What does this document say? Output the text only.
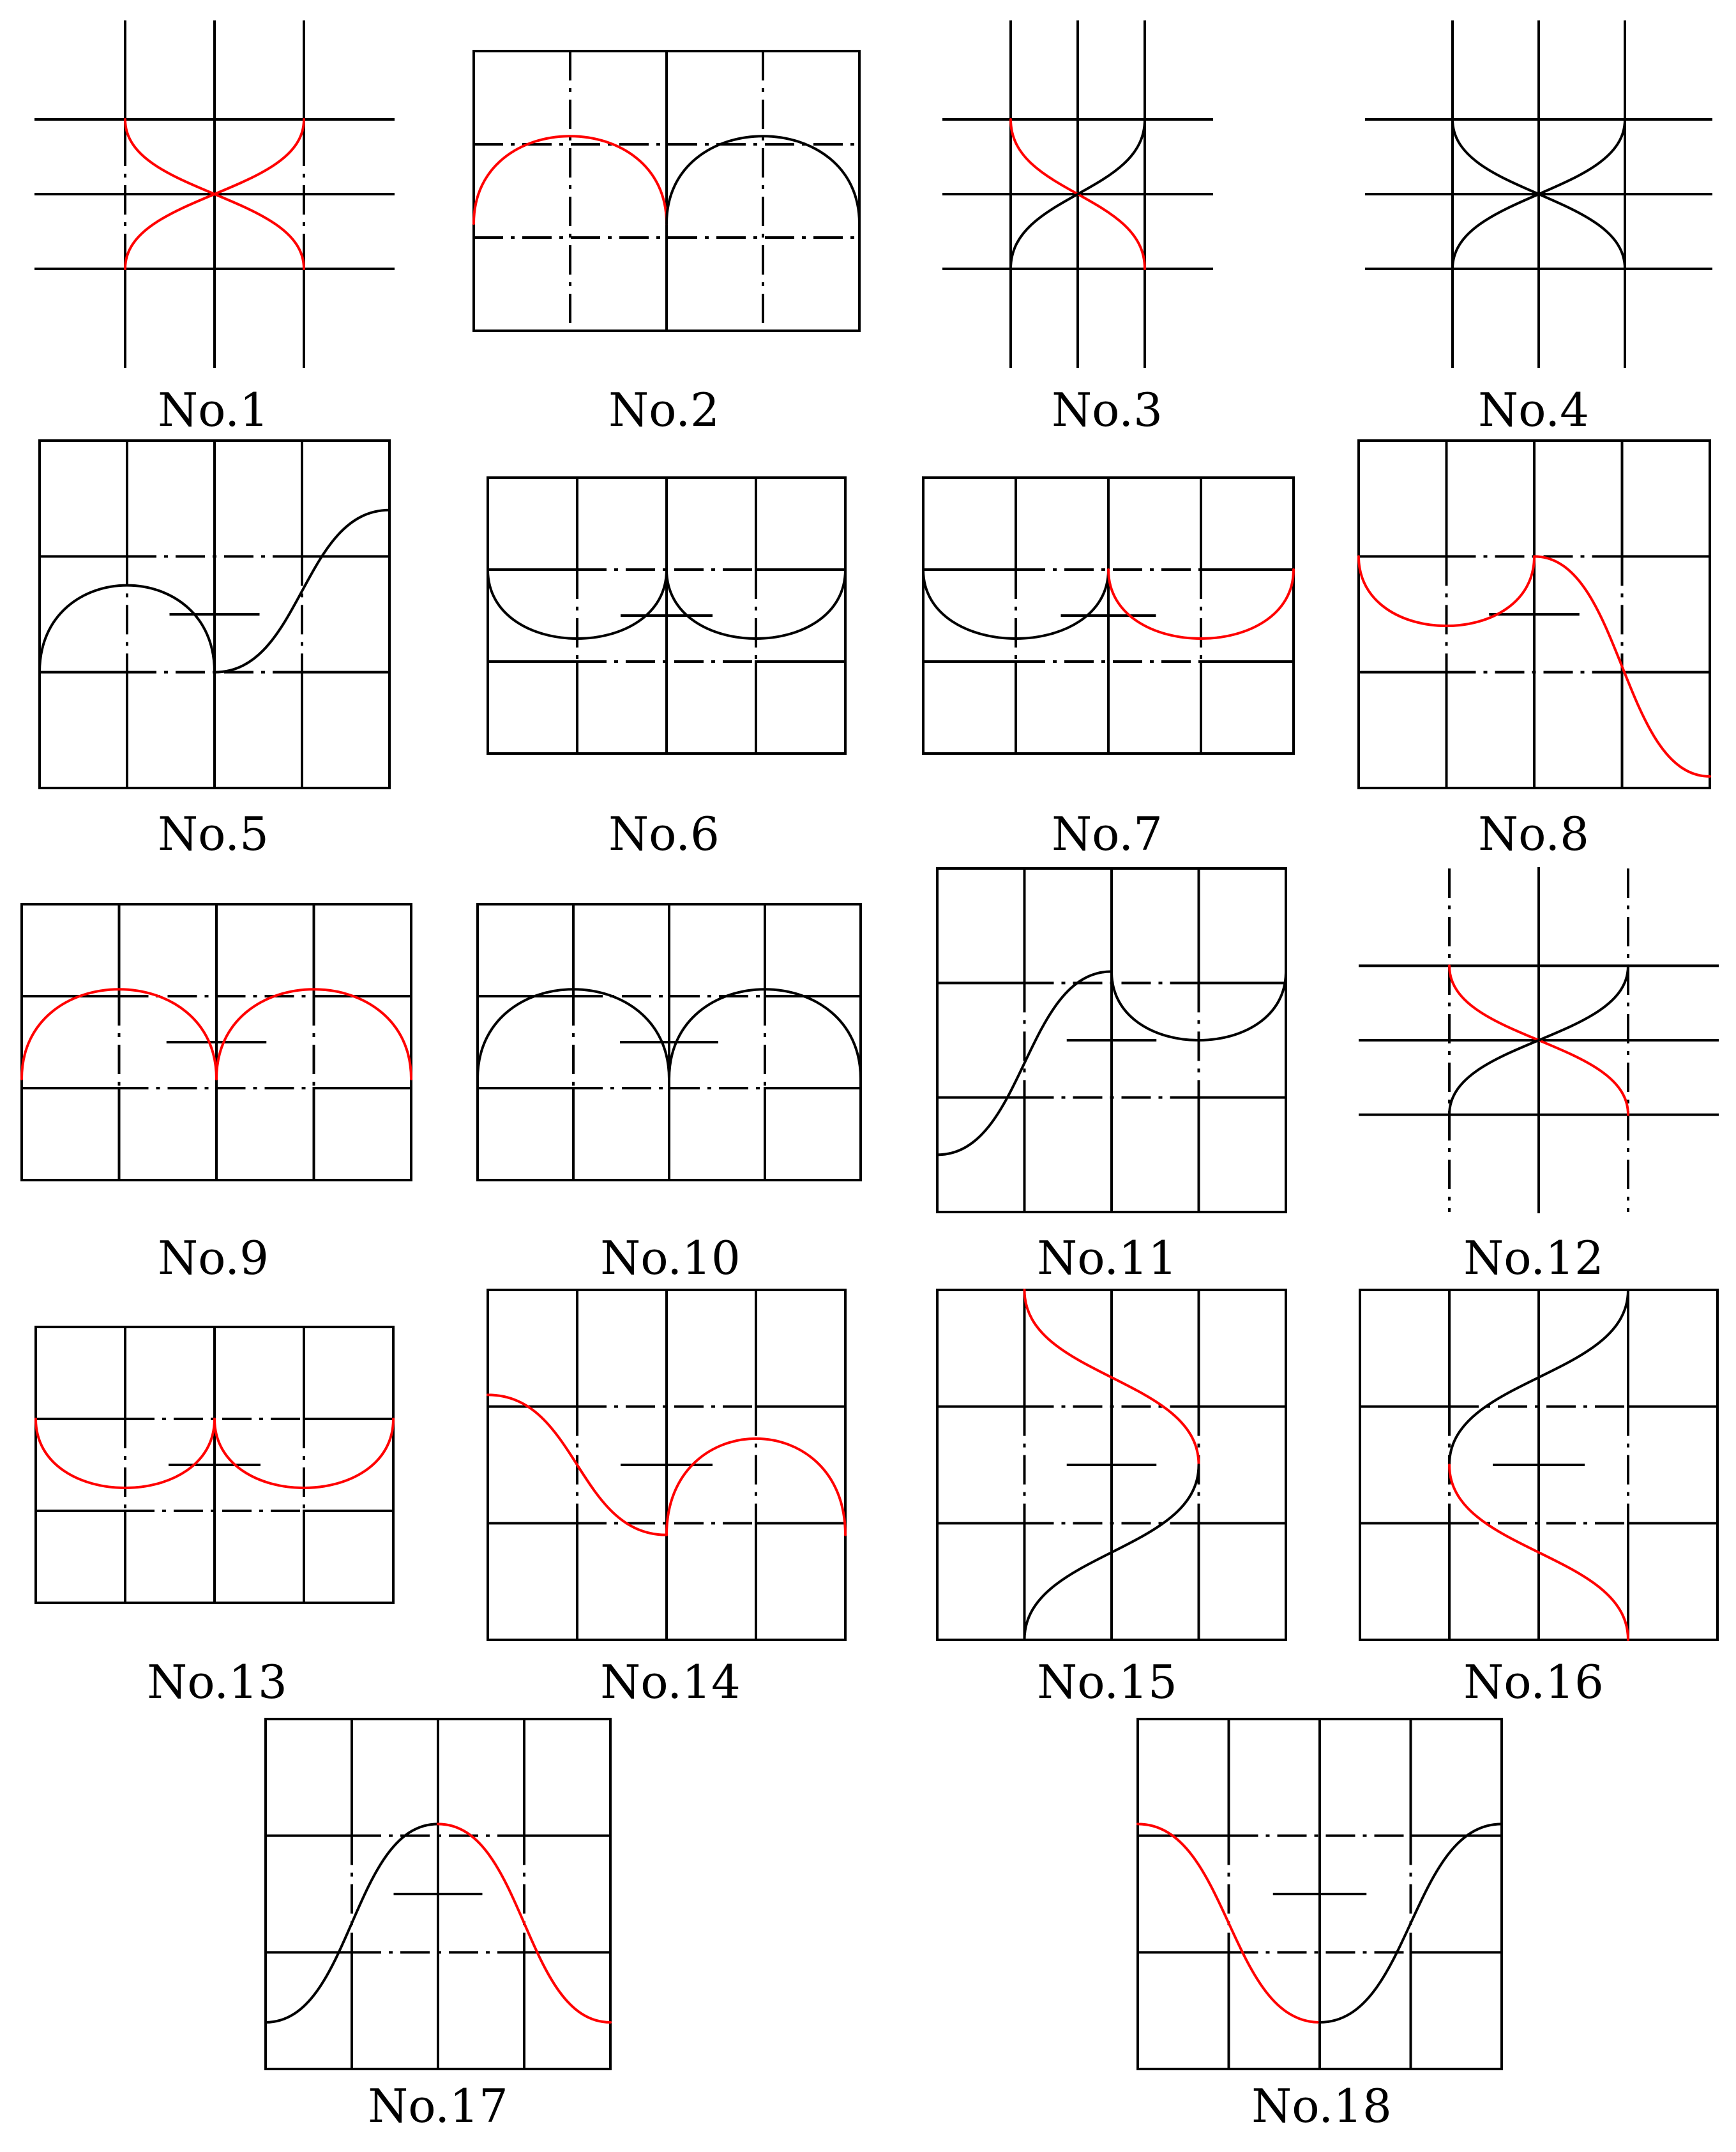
No.1	No.2	No.3	No.4
No.5	No.6	No.7	No.8
No.9	No.10	No.11	No.12
No.13	No.14	No.15	No.16
No.17	No.18
